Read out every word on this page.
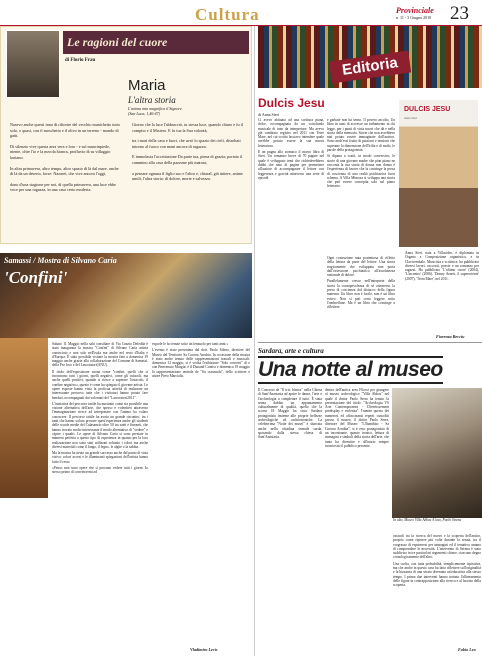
Cultura	Provinciale
n. 11 - 3 Giugno 2010 23
Le ragioni del cuore
di Florio Frau
Maria
L'altra storia
L'anima mia magnifica il Signore.
(San Luca, 1,46-47)

Nasevo anche questi inno di rifiorire del vecchio manichetto tutto solo, o quasi, con il moschetto e il olivo in un terreno - mondo di gatti.

Di silenzio vive questa aera vera e loro - e sul mancinpiede, niente, oltre l'io e la nuvola bianca, profluvio di su villaggio lontano.

In altra primavera, altro tempo, altro spazio di là dal mare, anche di là da un deserto, forse: Nazaret, che vive ancora l'oggi,

dono d'una stagione per noi, di quella primavera, una luce ebbe voce per una ragazza, in una casa certo modesta.

Giorno che la luce l'abbracciò, tu stessa luce, quando chiaro e fu il compito e il Mistero. E fu tua la Sua volontà,

tra i mari della casa e fuori, che avrò lo spazio dei cieli, disseltati intorno al fuoco con mani ancora di ragazza.

E immolasta l'accettazione Da parte tua, piena di grazia; portato il cammino alla casa della pazzone più matura,

a pensare ognuna il figlio suo e l'altro e, chiaraI, già intiere, anime umili, l'altra storia: di dolore, morte e salvezza.

Samassi / Mostra di Silvano Caria
'Confini'

Sabato 11 Maggio nella sala consiliare di Via Grazia Deledda è stata inaugurata la mostra "Confini" di Silvano Caria artista conosciuto e non solo nell'isola ma anche nel resto d'Italia e d'Europa. È stato possibile visitare la mostra fino a domenica 19 maggio anche grazie alla collaborazione del Comune di Samassi, della Pro loco e del Laworatori(ANU).

Il titolo dell'esposizione suona come "confini, quelli che si incontrano tutti i giorni, quelli negativi, come gli ostacoli, ma anche quelli positivi, quando si riesce a superare l'ostacolo, il confine negativo», questo è come ha spiegato il giovane artista. Le opere esposte hanno visto la proficua attività di realizzare un interessante percorso tutte che i visitatori hanno potuto fare bendati, accompagnati dai volontari del "Laworatori2011".

L'iniziativa del percorso tattile ha mostrato come sia possibile una visione alternativa dell'arte, che spesso e volentieri attraverso l'immaginazione riesce ad interpretare con l'animo ha volato conoscere. Il percorso tattile ha avuto un grande riscontro, tra i tanti che hanno voluto provare quest'esperienza anche gli studenti delle scuole medie del Calasanzio oltre 50 tra saeti e fineanti, che hanno trovato molto interessante il modo alternativo di "vedere" e capire i quadri. Le opere di Silvano Caria si sono prestate in maniera perfetta a questo tipo di esperienza in quanto per la loro realizzazione non sono stati utilizzati soltanto i colori ma anche diversi materiali come il fango, il legno, le alghe o la sabbia.

Ma la mostra ha avuto un grande successo anche dal punto di vista visivo: colori accesi e le illuminanti spiegazioni dell'artista hanno fatto il resto.

«Penso non sono opere che si possono vedere tutti i giorni. Io stesso primo di convincermi ad

esporle le ho tenute sotto un lenzuolo per tanti anni »

L'evento è stato presentato dal dott. Paolo Sileno, direttore del Museo del Territorio Sa Corona Arrubia. In occasione della mostra è stato anche tenuto delle rappresentazioni teatrali e musicali: domenica 12 maggio, si è svolta l'esibizione "Solo concerti" di e con Benvenuto Murgia; è il Duoand Contisr e domenica 19 maggio la rappresentazione teatrale de "Su ossumolu", dello scrittore e attore Piero Marcialis.

Vladimiro Lecis
Editoria
Dulcis Jesu
di Anna Steri

Ci avevo abituato ad una scrittura piana, dolce, accompagnata da un sottofondo musicale di tono da interpretare. Ma avevo già cambiato registro nel 2011 con Terre Mare, nel cui scritto lasciavo intendere quale avrebbe potuto essere la sua nuova letteratura.

E un pugno allo stomaco il nuovo libro di Steri. Un romanzo breve di 70 pagine nel quale è sviluppato temi che richiederebbero dubbi che nato di pagine per permettere all'autrice di accompagnare il lettore con leggerezza e gravità attraverso una serie di episodi

e garbate non ha senso. Il povero ascolto, Un libro in tanti di accresce un turbamento in chi legge, per i punti di vista nuovi che dà e nella storia della memoria. Storie che non avrebbero mai potuto essere immaginate dall'autrice. Sono anch'essi frutto di passioni e tensioni che superano la dimensione dell'Irilia e di molti, le parole della protagonista.

Si dipana a scatti, in modo conversivo, le storie di una giovane madre che pian piano ne racconta la sua storia di donna non donna e l'esperienza di lavoro che la costringe la presa di coscienza di una realtà psichiatrica fuori schema. A Villa Mimosa si sviluppa una storia che può essere concepita solo sul piano letterario.

DULCIS JESU
Anna Steri
Anna Steri, nata a Villacidro, è diplomata in Organo e Composizione organistica, e in Clavicembalo. Musicista e scrittrice, ha pubblicato diversi lavori, racconti, poesie e un romanzo per ragazzi. Ha pubblicato 'L'ultimo cuore' (2004), 'L'incontro' (2006), 'Donny Arnett, il superoriente' (2007), 'Terra Mare', nel 2011.

Ogni costruzione nata portentosa di rifletto della lettura da parte del lettore. Una storia tragicamente che sviluppata non porta dall'ossessione psichiatrica all'assolutezza razionale di dolore.

Parallelamente cresce nell'interprete della storia la consapevolezza di sé attraverso la presa di coscienza dal distacco della figura materna. Un libro non è facile, non è un libro estivo. Non si può certo leggere sotto l'ombrellone. Ma è un libro che costringe a riflettere.

Fiorenza Becciu
Sardara, arte e cultura
Una notte al museo

Il Concerto de "Il trio Ichnos" nella Chiesa di Sant'Anastasia ad aprire le danze, l'arte e l'archeologia a completare il tutto. È stata senza dubbio un appuntamento culturalmente di qualità, quello che la scorsa 18 Maggio ha visto Sardara protagonista insieme alle proprie bellezze archeologiche ed architettoniche. La celeberrima "Notte dei musei" è sbarcata anche nella cittadina termale sarda, sposando dalla stessa chiesa di Sant'Anastasia.

dentro dell'antica area Filossi per giungere al museo archeologico "Villa Abbas" nel quale il dottor Paolo Serra ha tenuto la presentazione del titolo: "Archeologia VS Arte Contemporanea - Divertissement predisplay e violenza". Tramite questo dei numerosi ed affascinanti reperti custoditi presso il museo, il dottor Paolo Serra, direttore del Museo: "L'Ibamhito - Sa Corona Arrubia", si è reso protagonista di un incontrante, quanto ironico, lettura di immagini e simboli della storia dell'arte, che tanto ha diventire e all'inizio sempre incuriosito il pubblico presente.

In alto, Museo Villa Abbas A lato, Paolo Strena

ostacoli tra la ricerca del nuovo e la scoperta dell'antico, proprio come ripetere più volte durante la serata, tra il vorgrasso di esprimersi per immagini ed il tentativo umano di comprendere le necessità. L'intervento di Serena è stato suddiviso in tre particolari argomenti chiave, ciascuno degno cronologicamente dell'altro.

Una scelta, con tutta probabilità, semplicemente ispirativa, ma che anche in questo caso ha fatto riflettere sull'originalità e la bizzarria di una serata diventata un'educativa alla stesso tempo. I prima due interventi hanno trattato l'allineamento delle figure in contrapposizione alla ricerca e al fascino della scoperta.

Fabio Leo
